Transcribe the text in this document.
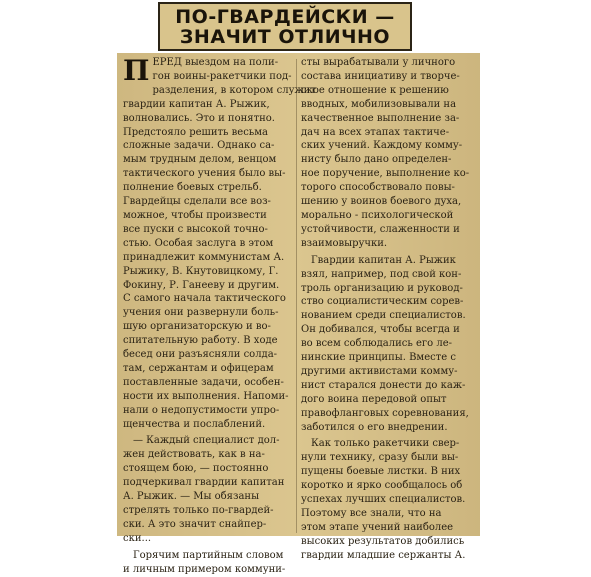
ПО-ГВАРДЕЙСКИ —
ЗНАЧИТ ОТЛИЧНО

ПЕРЕД выездом на поли-
гон воины-ракетчики под-
разделения, в котором служит
гвардии капитан А. Рыжик,
волновались. Это и понятно.
Предстояло решить весьма
сложные задачи. Однако са-
мым трудным делом, венцом
тактического учения было вы-
полнение боевых стрельб.
Гвардейцы сделали все воз-
можное, чтобы произвести
все пуски с высокой точно-
стью. Особая заслуга в этом
принадлежит коммунистам А.
Рыжику, В. Кнутовицкому, Г.
Фокину, Р. Ганееву и другим.
С самого начала тактического
учения они развернули боль-
шую организаторскую и во-
спитательную работу. В ходе
бесед они разъясняли солда-
там, сержантам и офицерам
поставленные задачи, особен-
ности их выполнения. Напоми-
нали о недопустимости упро-
щенчества и послаблений.

— Каждый специалист дол-
жен действовать, как в на-
стоящем бою, — постоянно
подчеркивал гвардии капитан
А. Рыжик. — Мы обязаны
стрелять только по-гвардей-
ски. А это значит снайпер-
ски...

Горячим партийным словом
и личным примером коммуни-

сты вырабатывали у личного
состава инициативу и творче-
ское отношение к решению
вводных, мобилизовывали на
качественное выполнение за-
дач на всех этапах тактиче-
ских учений. Каждому комму-
нисту было дано определен-
ное поручение, выполнение ко-
торого способствовало повы-
шению у воинов боевого духа,
морально - психологической
устойчивости, слаженности и
взаимовыручки.

Гвардии капитан А. Рыжик
взял, например, под свой кон-
троль организацию и руковод-
ство социалистическим сорев-
нованием среди специалистов.
Он добивался, чтобы всегда и
во всем соблюдались его ле-
нинские принципы. Вместе с
другими активистами комму-
нист старался донести до каж-
дого воина передовой опыт
правофланговых соревнования,
заботился о его внедрении.

Как только ракетчики свер-
нули технику, сразу были вы-
пущены боевые листки. В них
коротко и ярко сообщалось об
успехах лучших специалистов.
Поэтому все знали, что на
этом этапе учений наиболее
высоких результатов добились
гвардии младшие сержанты А.
